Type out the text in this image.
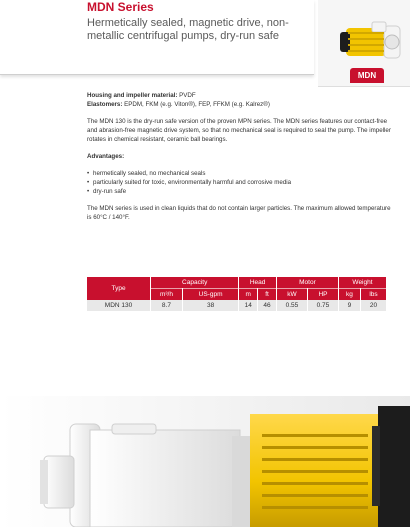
MDN Series
Hermetically sealed, magnetic drive, non-metallic centrifugal pumps, dry-run safe
MDN

Housing and impeller material: PVDF
Elastomers: EPDM, FKM (e.g. Viton®), FEP, FFKM (e.g. Kalrez®)

The MDN 130 is the dry-run safe version of the proven MPN series. The MDN series features our contact-free and abrasion-free magnetic drive system, so that no mechanical seal is required to seal the pump. The impeller rotates in chemical resistant, ceramic ball bearings.

Advantages:

• hermetically sealed, no mechanical seals
• particularly suited for toxic, environmentally harmful and corrosive media
• dry-run safe

The MDN series is used in clean liquids that do not contain larger particles. The maximum allowed temperature is 60°C / 140°F.

Type	Capacity		Head		Motor		Weight	
	m³/h	US-gpm	m	ft	kW	HP	kg	lbs
MDN 130	8.7	38	14	46	0.55	0.75	9	20
